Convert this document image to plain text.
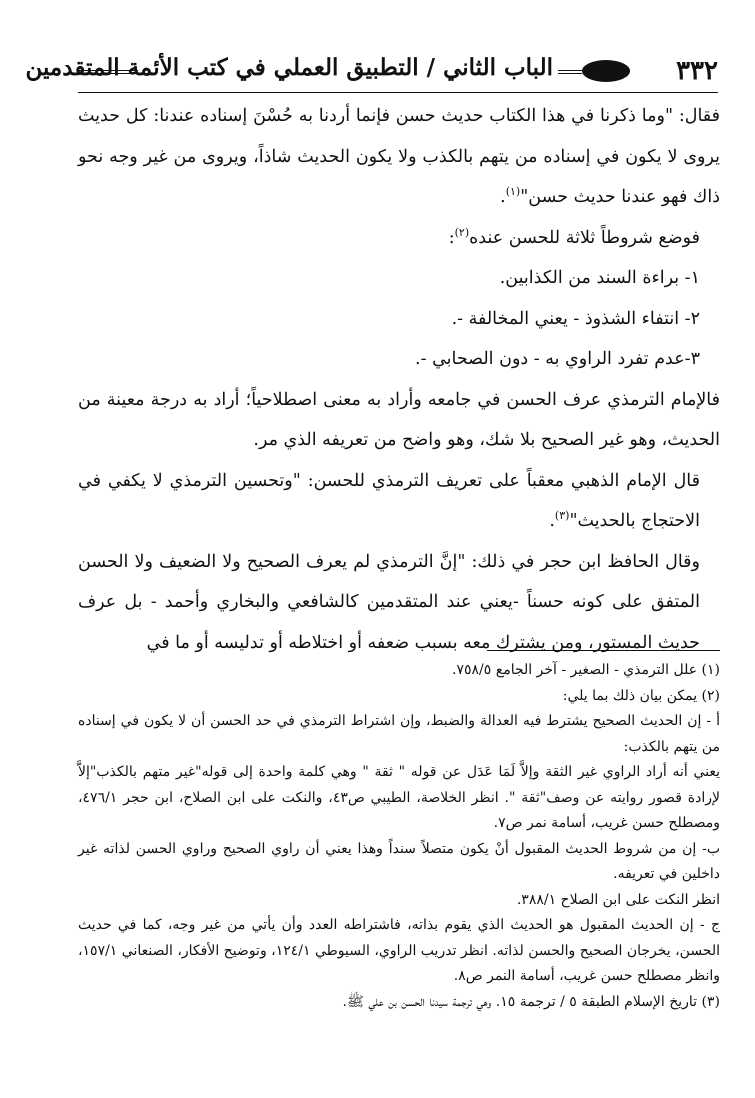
٣٣٢
الباب الثاني / التطبيق العملي في كتب الأئمة المتقدمين

فقال: "وما ذكرنا في هذا الكتاب حديث حسن فإنما أردنا به حُسْنَ إسناده عندنا: كل حديث يروى لا يكون في إسناده من يتهم بالكذب ولا يكون الحديث شاذاً، ويروى من غير وجه نحو ذاك فهو عندنا حديث حسن"$^{(١)}$.

فوضع شروطاً ثلاثة للحسن عنده$^{(٢)}$:

١- براءة السند من الكذابين.

٢- انتفاء الشذوذ - يعني المخالفة -.

٣-عدم تفرد الراوي به - دون الصحابي -.

فالإمام الترمذي عرف الحسن في جامعه وأراد به معنى اصطلاحياً؛ أراد به درجة معينة من الحديث، وهو غير الصحيح بلا شك، وهو واضح من تعريفه الذي مر.

قال الإمام الذهبي معقباً على تعريف الترمذي للحسن: "وتحسين الترمذي لا يكفي في الاحتجاج بالحديث"$^{(٣)}$.

وقال الحافظ ابن حجر في ذلك: "إنَّ الترمذي لم يعرف الصحيح ولا الضعيف ولا الحسن المتفق على كونه حسناً -يعني عند المتقدمين كالشافعي والبخاري وأحمد - بل عرف حديث المستور، ومن يشترك معه بسبب ضعفه أو اختلاطه أو تدليسه أو ما في

(١) علل الترمذي - الصغير - آخر الجامع ٧٥٨/٥.

(٢) يمكن بيان ذلك بما يلي:

أ - إن الحديث الصحيح يشترط فيه العدالة والضبط، وإن اشتراط الترمذي في حد الحسن أن لا يكون في إسناده من يتهم بالكذب:

يعني أنه أراد الراوي غير الثقة وإلاَّ لَمَا عَدَل عن قوله " ثقة " وهي كلمة واحدة إلى قوله"غير متهم بالكذب"إلاَّ لإرادة قصور روايته عن وصف"ثقة ". انظر الخلاصة، الطيبي ص٤٣، والنكت على ابن الصلاح، ابن حجر ٤٧٦/١، ومصطلح حسن غريب، أسامة نمر ص٧.

ب- إن من شروط الحديث المقبول أنْ يكون متصلاً سنداً وهذا يعني أن راوي الصحيح وراوي الحسن لذاته غير داخلين في تعريفه.

انظر النكت على ابن الصلاح ٣٨٨/١.

ج - إن الحديث المقبول هو الحديث الذي يقوم بذاته، فاشتراطه العدد وأن يأتي من غير وجه، كما في حديث الحسن، يخرجان الصحيح والحسن لذاته. انظر تدريب الراوي، السيوطي ١٢٤/١، وتوضيح الأفكار، الصنعاني ١٥٧/١، وانظر مصطلح حسن غريب، أسامة النمر ص٨.

(٣) تاريخ الإسلام الطبقة ٥ / ترجمة ١٥. وهي ترجمة سيدنا الحسن بن علي ﷺ.
